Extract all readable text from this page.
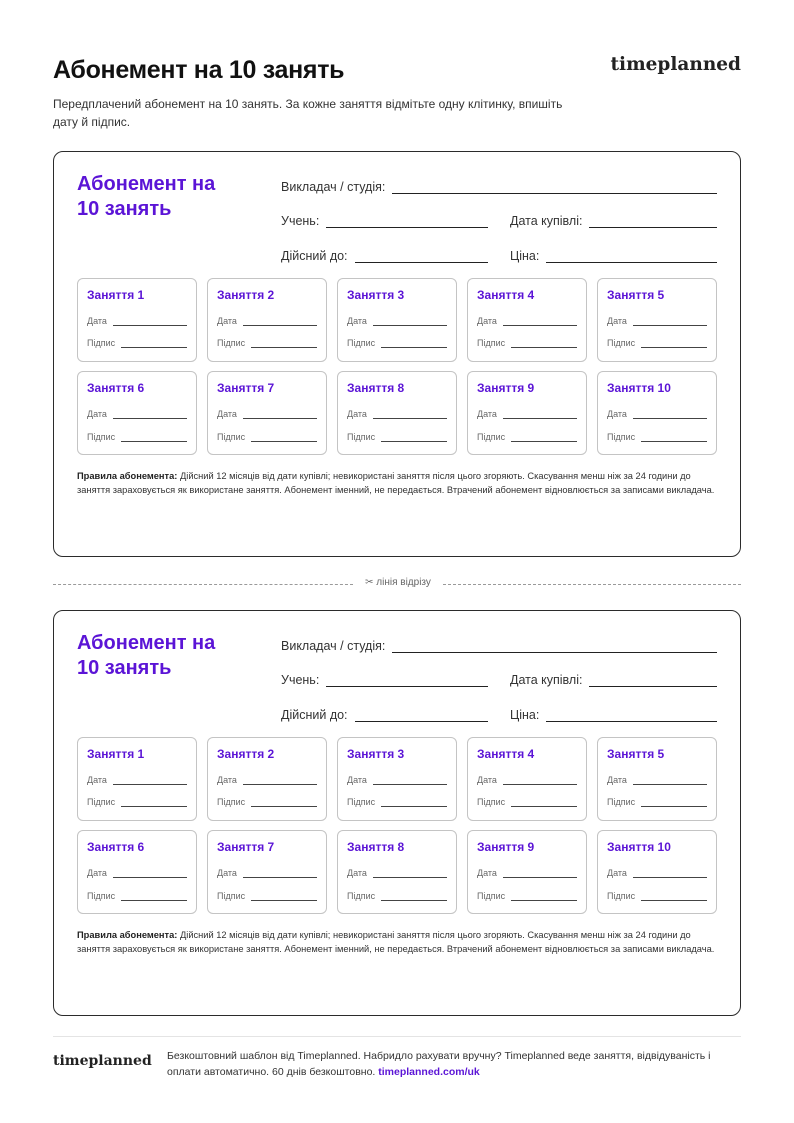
Абонемент на 10 занять	timeplanned
Передплачений абонемент на 10 занять. За кожне заняття відмітьте одну клітинку, впишіть дату й підпис.
Абонемент на
10 занять
Викладач / студія:
Учень:	Дата купівлі:
Дійсний до:	Ціна:
Заняття 1
Дата
Підпис
Заняття 2
Дата
Підпис
Заняття 3
Дата
Підпис
Заняття 4
Дата
Підпис
Заняття 5
Дата
Підпис
Заняття 6
Дата
Підпис
Заняття 7
Дата
Підпис
Заняття 8
Дата
Підпис
Заняття 9
Дата
Підпис
Заняття 10
Дата
Підпис
Правила абонемента: Дійсний 12 місяців від дати купівлі; невикористані заняття після цього згоряють. Скасування менш ніж за 24 години до заняття зараховується як використане заняття. Абонемент іменний, не передається. Втрачений абонемент відновлюється за записами викладача.
✂ лінія відрізу
Абонемент на
10 занять
Викладач / студія:
Учень:	Дата купівлі:
Дійсний до:	Ціна:
Заняття 1
Дата
Підпис
Заняття 2
Дата
Підпис
Заняття 3
Дата
Підпис
Заняття 4
Дата
Підпис
Заняття 5
Дата
Підпис
Заняття 6
Дата
Підпис
Заняття 7
Дата
Підпис
Заняття 8
Дата
Підпис
Заняття 9
Дата
Підпис
Заняття 10
Дата
Підпис
Правила абонемента: Дійсний 12 місяців від дати купівлі; невикористані заняття після цього згоряють. Скасування менш ніж за 24 години до заняття зараховується як використане заняття. Абонемент іменний, не передається. Втрачений абонемент відновлюється за записами викладача.
timeplanned Безкоштовний шаблон від Timeplanned. Набридло рахувати вручну? Timeplanned веде заняття, відвідуваність і оплати автоматично. 60 днів безкоштовно. timeplanned.com/uk
